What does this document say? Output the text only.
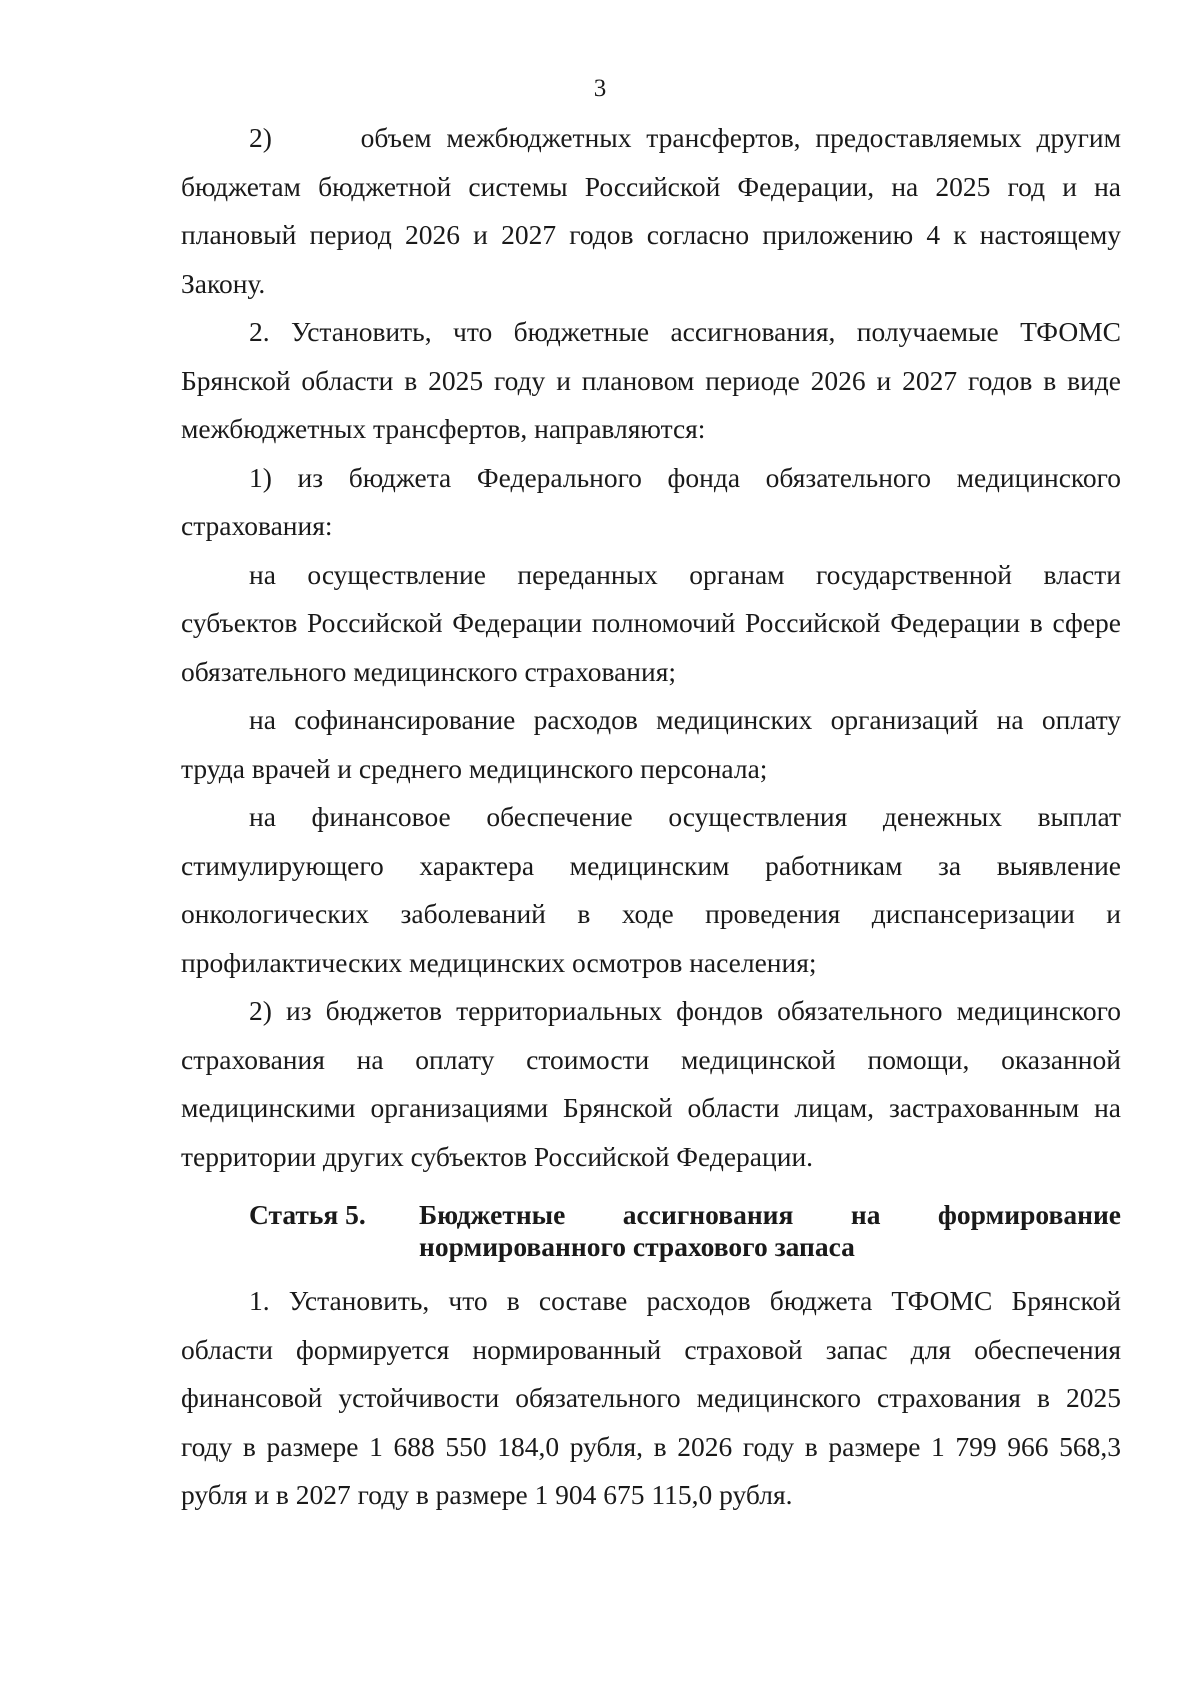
3

2)      объем межбюджетных трансфертов, предоставляемых другим бюджетам бюджетной системы Российской Федерации, на 2025 год и на плановый период 2026 и 2027 годов согласно приложению 4 к настоящему Закону.

2. Установить, что бюджетные ассигнования, получаемые ТФОМС Брянской области в 2025 году и плановом периоде 2026 и 2027 годов в виде межбюджетных трансфертов, направляются:

1) из бюджета Федерального фонда обязательного медицинского страхования:

на осуществление переданных органам государственной власти субъектов Российской Федерации полномочий Российской Федерации в сфере обязательного медицинского страхования;

на софинансирование расходов медицинских организаций на оплату труда врачей и среднего медицинского персонала;

на финансовое обеспечение осуществления денежных выплат стимулирующего характера медицинским работникам за выявление онкологических заболеваний в ходе проведения диспансеризации и профилактических медицинских осмотров населения;

2) из бюджетов территориальных фондов обязательного медицинского страхования на оплату стоимости медицинской помощи, оказанной медицинскими организациями Брянской области лицам, застрахованным на территории других субъектов Российской Федерации.

Статья 5.	Бюджетные ассигнования на формирование нормированного страхового запаса

1. Установить, что в составе расходов бюджета ТФОМС Брянской области формируется нормированный страховой запас для обеспечения финансовой устойчивости обязательного медицинского страхования в 2025 году в размере 1 688 550 184,0 рубля, в 2026 году в размере 1 799 966 568,3 рубля и в 2027 году в размере 1 904 675 115,0 рубля.
